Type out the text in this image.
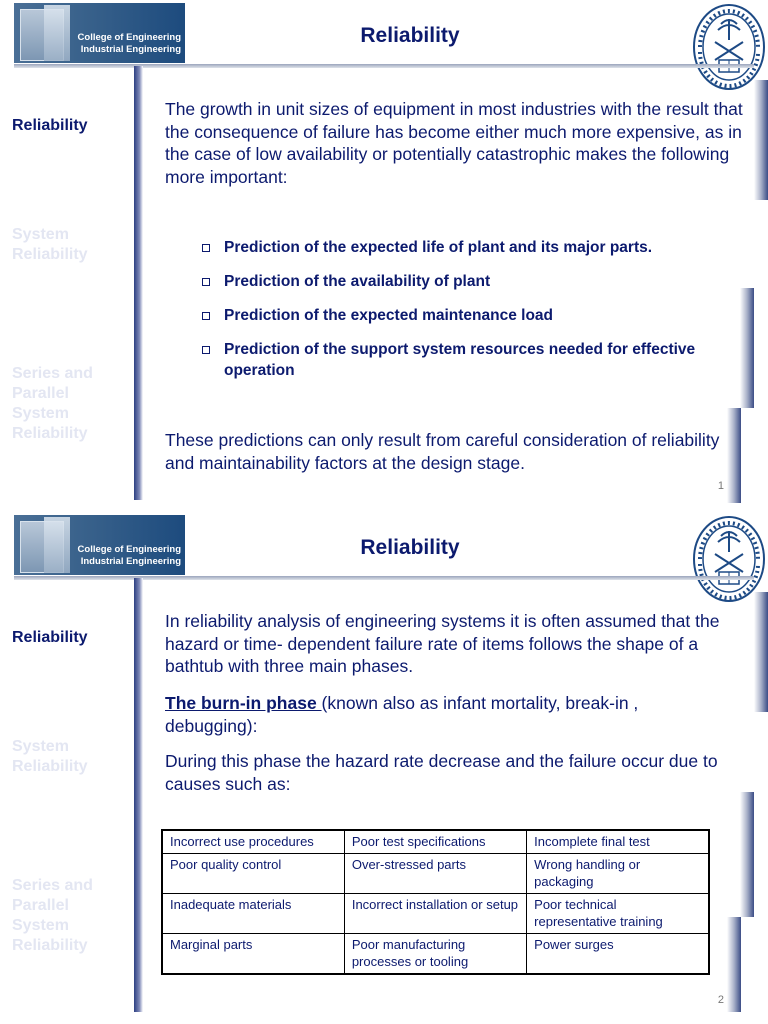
College of Engineering
Industrial Engineering
Reliability
Reliability
System Reliability
Series and Parallel System Reliability
The growth in unit sizes of equipment in most industries with the result that the consequence of failure has become either much more expensive, as in the case of low availability or potentially catastrophic makes the following more important:
Prediction of the expected life of plant and its major parts.
Prediction of the availability of plant
Prediction of the expected maintenance load
Prediction of the support system resources needed for effective operation
These predictions can only result from careful consideration of reliability and maintainability factors at the design stage.
1
College of Engineering
Industrial Engineering
Reliability
Reliability
System Reliability
Series and Parallel System Reliability
In reliability analysis of engineering systems it is often assumed that the hazard or time- dependent failure rate of items follows the shape of a bathtub with three main phases.
The burn-in phase (known also as infant mortality, break-in , debugging):
During this phase the hazard rate decrease and the failure occur due to causes such as:
Incorrect use procedures	Poor test specifications	Incomplete final test
Poor quality control	Over-stressed parts	Wrong handling or packaging
Inadequate materials	Incorrect installation or setup	Poor technical representative training
Marginal parts	Poor manufacturing processes or tooling	Power surges
2
